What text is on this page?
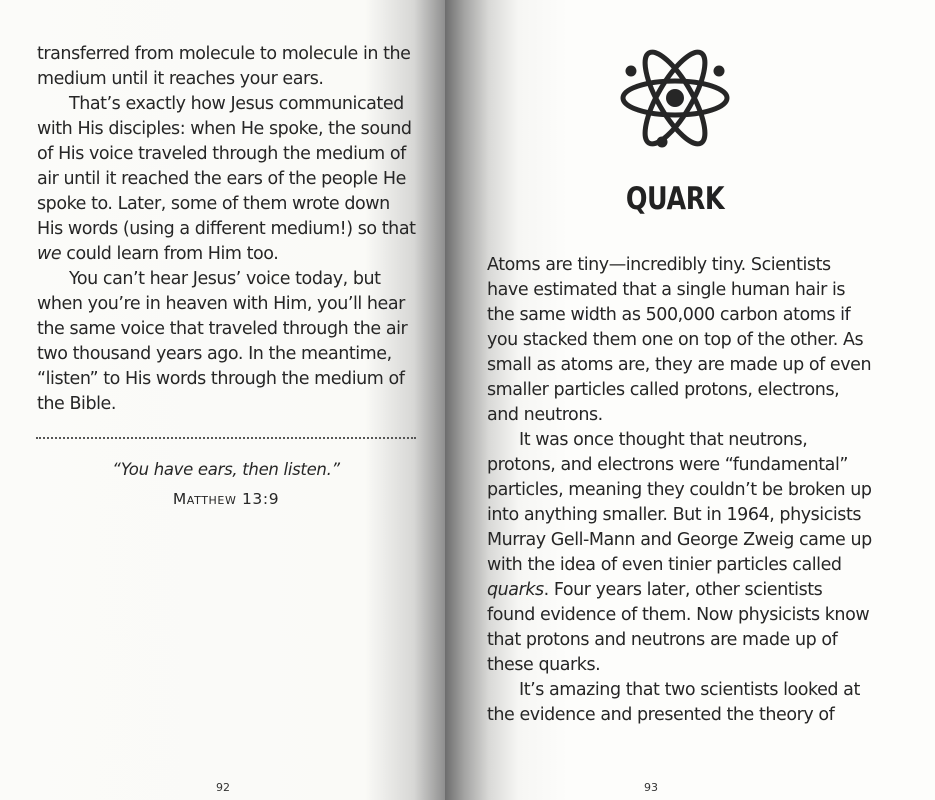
transferred from molecule to molecule in the medium until it reaches your ears.

That’s exactly how Jesus communicated with His disciples: when He spoke, the sound of His voice traveled through the medium of air until it reached the ears of the people He spoke to. Later, some of them wrote down His words (using a different medium!) so that we could learn from Him too.

You can’t hear Jesus’ voice today, but when you’re in heaven with Him, you’ll hear the same voice that traveled through the air two thousand years ago. In the meantime, “listen” to His words through the medium of the Bible.

“You have ears, then listen.”
Matthew 13:9
92
QUARK

Atoms are tiny—incredibly tiny. Scientists have estimated that a single human hair is the same width as 500,000 carbon atoms if you stacked them one on top of the other. As small as atoms are, they are made up of even smaller particles called protons, electrons, and neutrons.

It was once thought that neutrons, protons, and electrons were “fundamental” particles, meaning they couldn’t be broken up into anything smaller. But in 1964, physicists Murray Gell-Mann and George Zweig came up with the idea of even tinier particles called quarks. Four years later, other scientists found evidence of them. Now physicists know that protons and neutrons are made up of these quarks.

It’s amazing that two scientists looked at the evidence and presented the theory of

93
